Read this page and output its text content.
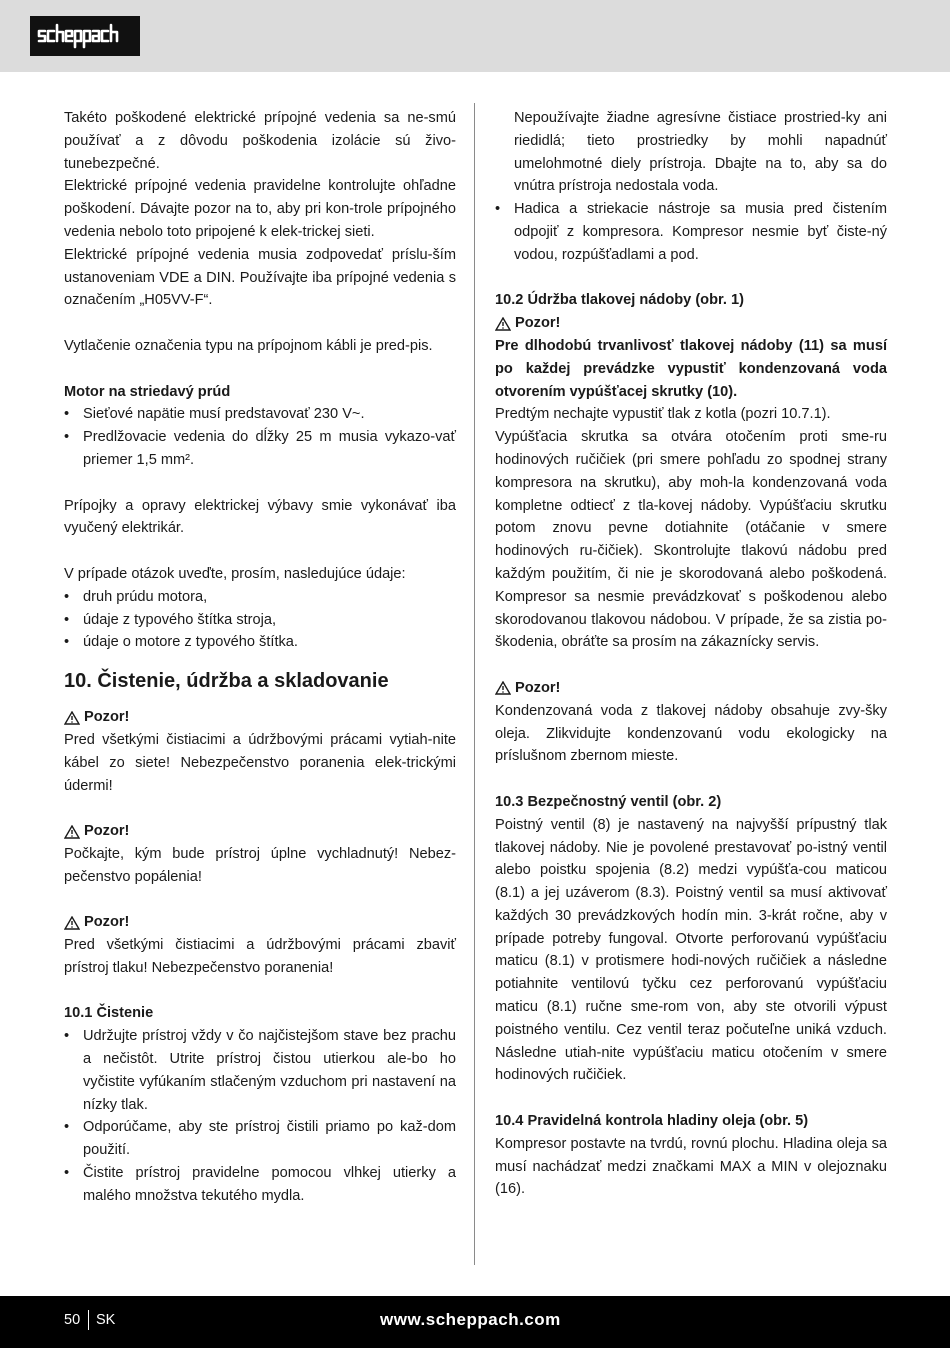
Takéto poškodené elektrické prípojné vedenia sa ne-smú používať a z dôvodu poškodenia izolácie sú živo-tunebezpečné.

Elektrické prípojné vedenia pravidelne kontrolujte ohľadne poškodení. Dávajte pozor na to, aby pri kon-trole prípojného vedenia nebolo toto pripojené k elek-trickej sieti.

Elektrické prípojné vedenia musia zodpovedať príslu-ším ustanoveniam VDE a DIN. Používajte iba prípojné vedenia s označením „H05VV-F“.

Vytlačenie označenia typu na prípojnom kábli je pred-pis.

Motor na striedavý prúd

• Sieťové napätie musí predstavovať 230 V~.
• Predlžovacie vedenia do dĺžky 25 m musia vykazo-vať priemer 1,5 mm².

Prípojky a opravy elektrickej výbavy smie vykonávať iba vyučený elektrikár.

V prípade otázok uveďte, prosím, nasledujúce údaje:

• druh prúdu motora,
• údaje z typového štítka stroja,
• údaje o motore z typového štítka.

10. Čistenie, údržba a skladovanie

Pozor!

Pred všetkými čistiacimi a údržbovými prácami vytiah-nite kábel zo siete! Nebezpečenstvo poranenia elek-trickými údermi!

Pozor!

Počkajte, kým bude prístroj úplne vychladnutý! Nebez-pečenstvo popálenia!

Pozor!

Pred všetkými čistiacimi a údržbovými prácami zbaviť prístroj tlaku! Nebezpečenstvo poranenia!

10.1 Čistenie

• Udržujte prístroj vždy v čo najčistejšom stave bez prachu a nečistôt. Utrite prístroj čistou utierkou ale-bo ho vyčistite vyfúkaním stlačeným vzduchom pri nastavení na nízky tlak.
• Odporúčame, aby ste prístroj čistili priamo po kaž-dom použití.
• Čistite prístroj pravidelne pomocou vlhkej utierky a malého množstva tekutého mydla.

Nepoužívajte žiadne agresívne čistiace prostried-ky ani riedidlá; tieto prostriedky by mohli napadnúť umelohmotné diely prístroja. Dbajte na to, aby sa do vnútra prístroja nedostala voda.

• Hadica a striekacie nástroje sa musia pred čistením odpojiť z kompresora. Kompresor nesmie byť čiste-ný vodou, rozpúšťadlami a pod.

10.2 Údržba tlakovej nádoby (obr. 1)

Pozor!

Pre dlhodobú trvanlivosť tlakovej nádoby (11) sa musí po každej prevádzke vypustiť kondenzovaná voda otvorením vypúšťacej skrutky (10).

Predtým nechajte vypustiť tlak z kotla (pozri 10.7.1).

Vypúšťacia skrutka sa otvára otočením proti sme-ru hodinových ručičiek (pri smere pohľadu zo spodnej strany kompresora na skrutku), aby moh-la kondenzovaná voda kompletne odtiecť z tla-kovej nádoby. Vypúšťaciu skrutku potom znovu pevne dotiahnite (otáčanie v smere hodinových ru-čičiek). Skontrolujte tlakovú nádobu pred každým použitím, či nie je skorodovaná alebo poškodená. Kompresor sa nesmie prevádzkovať s poškodenou alebo skorodovanou tlakovou nádobou. V prípade, že sa zistia po-škodenia, obráťte sa prosím na zákaznícky servis.

Pozor!

Kondenzovaná voda z tlakovej nádoby obsahuje zvy-šky oleja. Zlikvidujte kondenzovanú vodu ekologicky na príslušnom zbernom mieste.

10.3 Bezpečnostný ventil (obr. 2)

Poistný ventil (8) je nastavený na najvyšší prípustný tlak tlakovej nádoby. Nie je povolené prestavovať po-istný ventil alebo poistku spojenia (8.2) medzi vypúšťa-cou maticou (8.1) a jej uzáverom (8.3). Poistný ventil sa musí aktivovať každých 30 prevádzkových hodín min. 3-krát ročne, aby v prípade potreby fungoval. Otvorte perforovanú vypúšťaciu maticu (8.1) v protismere hodi-nových ručičiek a následne potiahnite ventilovú tyčku cez perforovanú vypúšťaciu maticu (8.1) ručne sme-rom von, aby ste otvorili výpust poistného ventilu. Cez ventil teraz počuteľne uniká vzduch. Následne utiah-nite vypúšťaciu maticu otočením v smere hodinových ručičiek.

10.4 Pravidelná kontrola hladiny oleja (obr. 5)

Kompresor postavte na tvrdú, rovnú plochu. Hladina oleja sa musí nachádzať medzi značkami MAX a MIN v olejoznaku (16).

50 SK	www.scheppach.com
